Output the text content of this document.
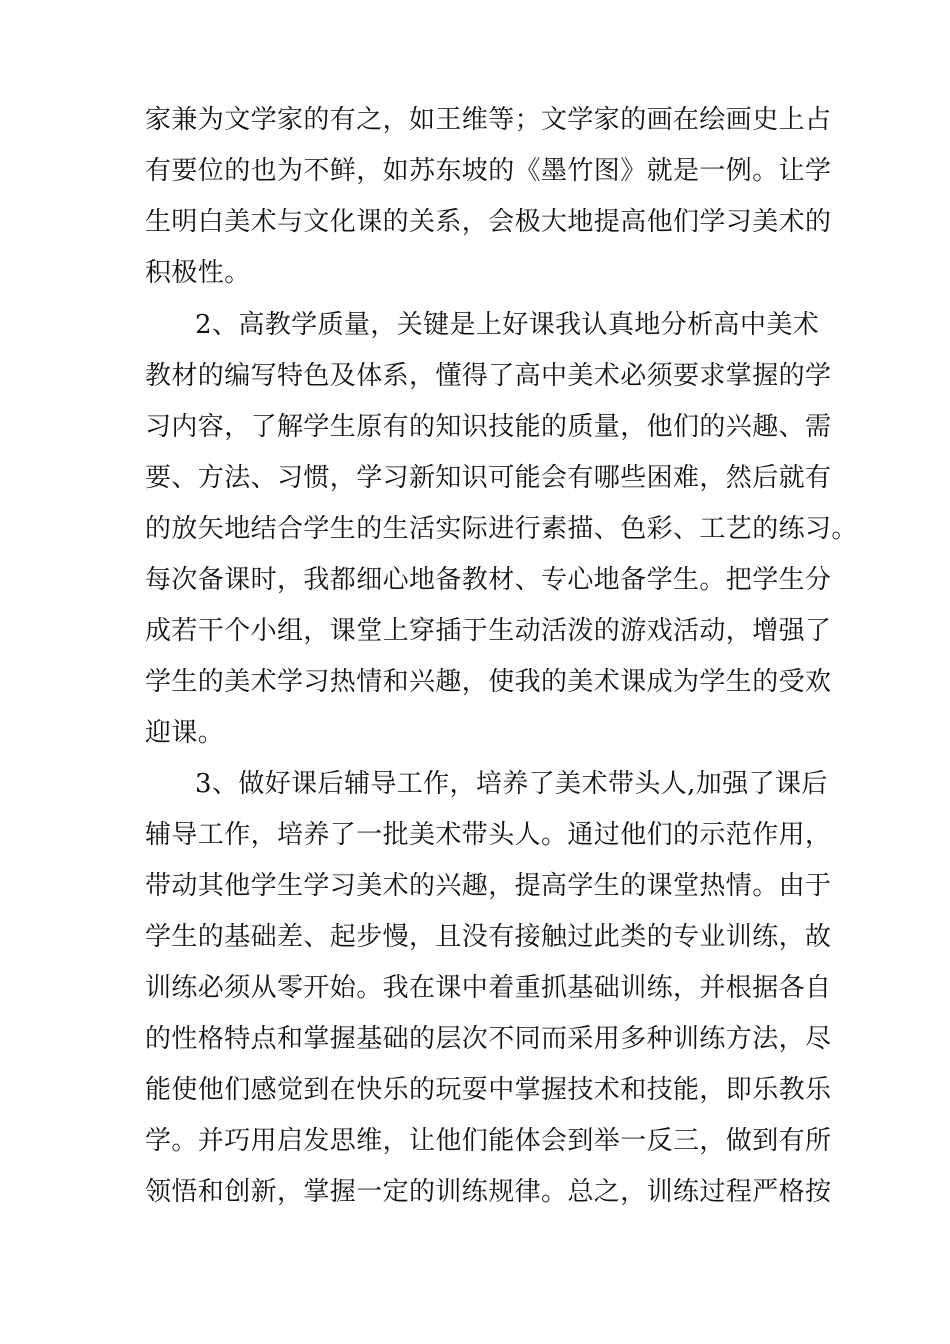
家兼为文学家的有之，如王维等；文学家的画在绘画史上占
有要位的也为不鲜，如苏东坡的《墨竹图》就是一例。让学
生明白美术与文化课的关系，会极大地提高他们学习美术的
积极性。
2、高教学质量，关键是上好课我认真地分析高中美术
教材的编写特色及体系，懂得了高中美术必须要求掌握的学
习内容，了解学生原有的知识技能的质量，他们的兴趣、需
要、方法、习惯，学习新知识可能会有哪些困难，然后就有
的放矢地结合学生的生活实际进行素描、色彩、工艺的练习。
每次备课时，我都细心地备教材、专心地备学生。把学生分
成若干个小组，课堂上穿插于生动活泼的游戏活动，增强了
学生的美术学习热情和兴趣，使我的美术课成为学生的受欢
迎课。
3、做好课后辅导工作，培养了美术带头人,加强了课后
辅导工作，培养了一批美术带头人。通过他们的示范作用，
带动其他学生学习美术的兴趣，提高学生的课堂热情。由于
学生的基础差、起步慢，且没有接触过此类的专业训练，故
训练必须从零开始。我在课中着重抓基础训练，并根据各自
的性格特点和掌握基础的层次不同而采用多种训练方法，尽
能使他们感觉到在快乐的玩耍中掌握技术和技能，即乐教乐
学。并巧用启发思维，让他们能体会到举一反三，做到有所
领悟和创新，掌握一定的训练规律。总之，训练过程严格按
